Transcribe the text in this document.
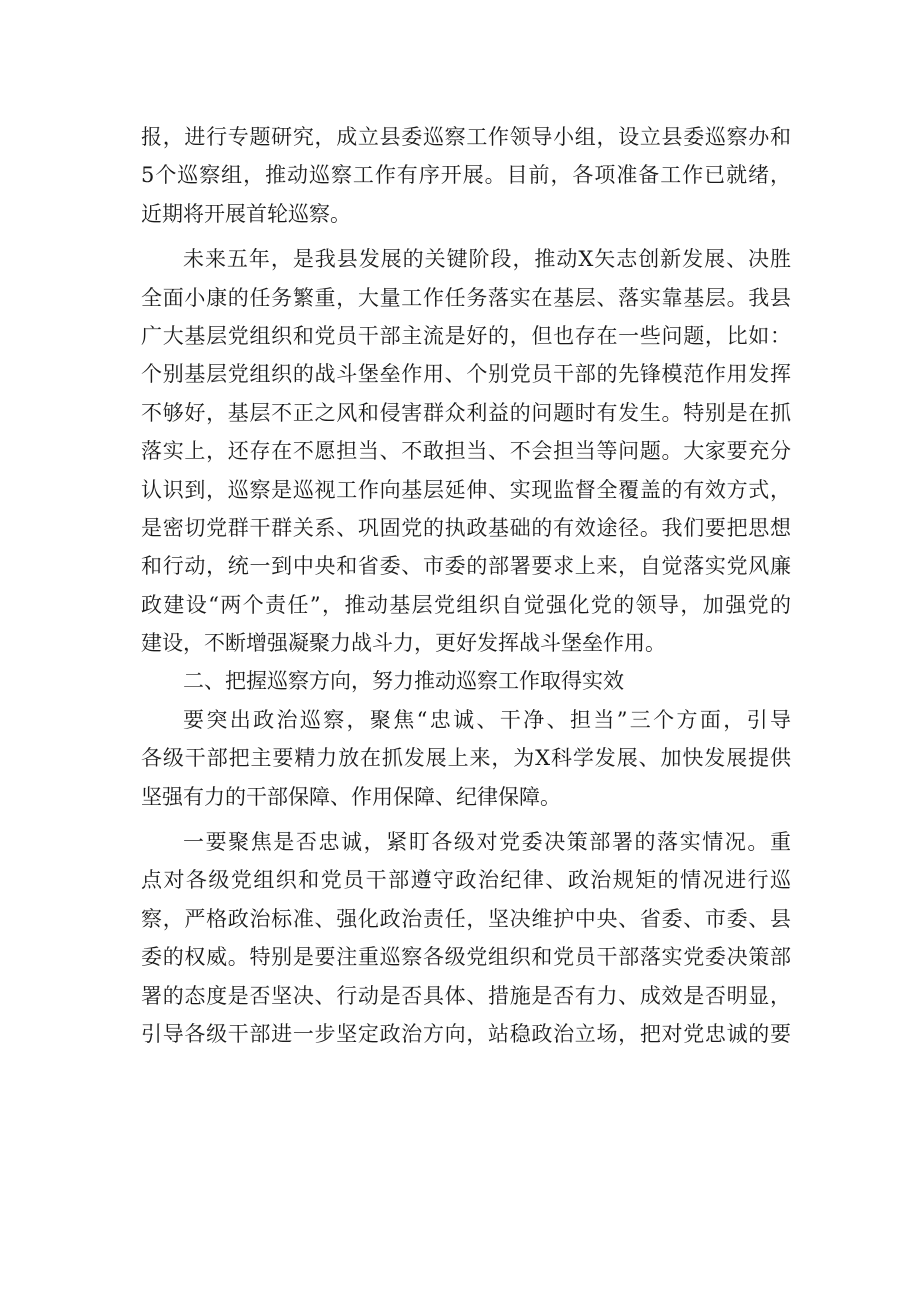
报，进行专题研究，成立县委巡察工作领导小组，设立县委巡察办和
5个巡察组，推动巡察工作有序开展。目前，各项准备工作已就绪，
近期将开展首轮巡察。
未来五年，是我县发展的关键阶段，推动X矢志创新发展、决胜
全面小康的任务繁重，大量工作任务落实在基层、落实靠基层。我县
广大基层党组织和党员干部主流是好的，但也存在一些问题，比如：
个别基层党组织的战斗堡垒作用、个别党员干部的先锋模范作用发挥
不够好，基层不正之风和侵害群众利益的问题时有发生。特别是在抓
落实上，还存在不愿担当、不敢担当、不会担当等问题。大家要充分
认识到，巡察是巡视工作向基层延伸、实现监督全覆盖的有效方式，
是密切党群干群关系、巩固党的执政基础的有效途径。我们要把思想
和行动，统一到中央和省委、市委的部署要求上来，自觉落实党风廉
政建设“两个责任”，推动基层党组织自觉强化党的领导，加强党的
建设，不断增强凝聚力战斗力，更好发挥战斗堡垒作用。
二、把握巡察方向，努力推动巡察工作取得实效
要突出政治巡察，聚焦“忠诚、干净、担当”三个方面，引导
各级干部把主要精力放在抓发展上来，为X科学发展、加快发展提供
坚强有力的干部保障、作用保障、纪律保障。
一要聚焦是否忠诚，紧盯各级对党委决策部署的落实情况。重
点对各级党组织和党员干部遵守政治纪律、政治规矩的情况进行巡
察，严格政治标准、强化政治责任，坚决维护中央、省委、市委、县
委的权威。特别是要注重巡察各级党组织和党员干部落实党委决策部
署的态度是否坚决、行动是否具体、措施是否有力、成效是否明显，
引导各级干部进一步坚定政治方向，站稳政治立场，把对党忠诚的要
